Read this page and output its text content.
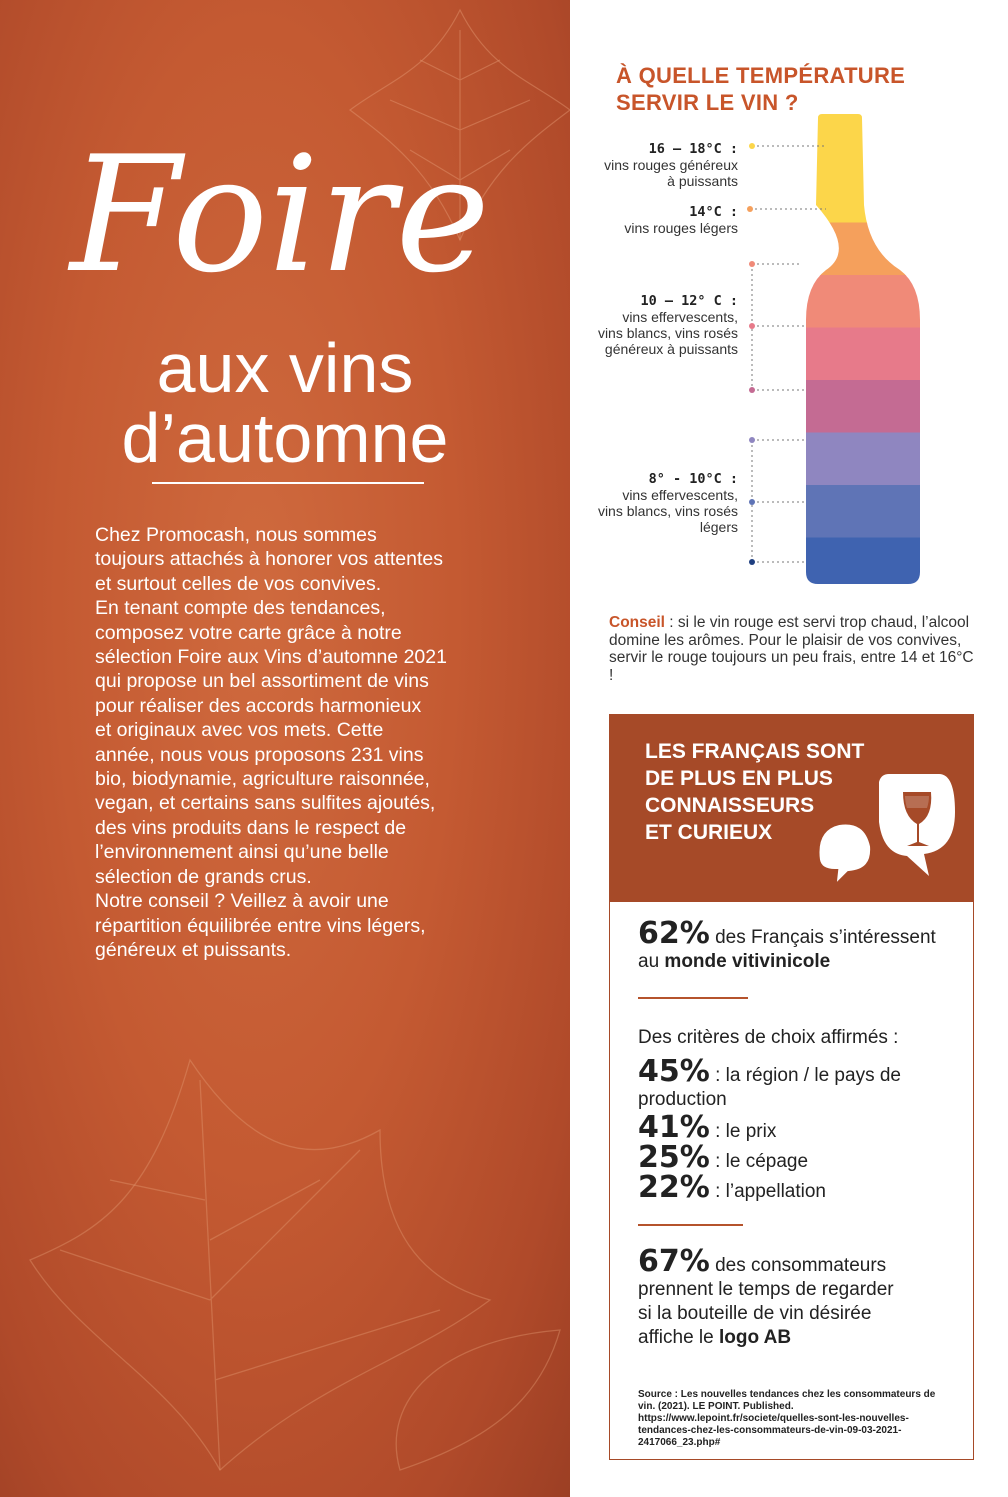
Foire
aux vins
d’automne

Chez Promocash, nous sommes
toujours attachés à honorer vos attentes
et surtout celles de vos convives.
En tenant compte des tendances,
composez votre carte grâce à notre
sélection Foire aux Vins d’automne 2021
qui propose un bel assortiment de vins
pour réaliser des accords harmonieux
et originaux avec vos mets. Cette
année, nous vous proposons 231 vins
bio, biodynamie, agriculture raisonnée,
vegan, et certains sans sulfites ajoutés,
des vins produits dans le respect de
l’environnement ainsi qu’une belle
sélection de grands crus.
Notre conseil ? Veillez à avoir une
répartition équilibrée entre vins légers,
généreux et puissants.

À QUELLE TEMPÉRATURE
SERVIR LE VIN ?
16 – 18°C :
vins rouges généreux
à puissants
14°C :
vins rouges légers
10 – 12° C :
vins effervescents,
vins blancs, vins rosés
généreux à puissants
8° - 10°C :
vins effervescents,
vins blancs, vins rosés
légers
Conseil : si le vin rouge est servi trop chaud, l’alcool domine les arômes. Pour le plaisir de vos convives, servir le rouge toujours un peu frais, entre 14 et 16°C !
LES FRANÇAIS SONT
DE PLUS EN PLUS
CONNAISSEURS
ET CURIEUX
62% des Français s’intéressent
au monde vitivinicole
Des critères de choix affirmés :
45% : la région / le pays de
production
41% : le prix
25% : le cépage
22% : l’appellation
67% des consommateurs
prennent le temps de regarder
si la bouteille de vin désirée
affiche le logo AB
Source : Les nouvelles tendances chez les consommateurs de vin. (2021). LE POINT. Published. https://www.lepoint.fr/societe/quelles-sont-les-nouvelles-tendances-chez-les-consommateurs-de-vin-09-03-2021-2417066_23.php#
